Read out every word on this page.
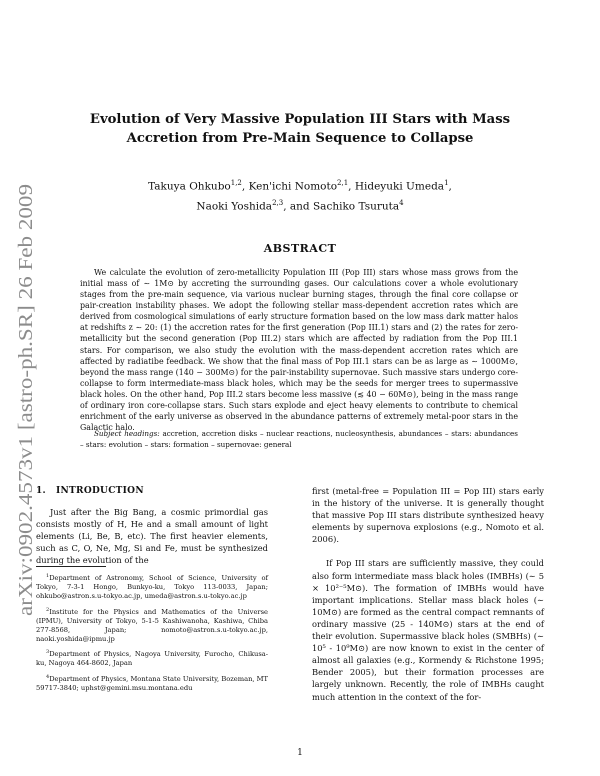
arXiv:0902.4573v1 [astro-ph.SR] 26 Feb 2009
Evolution of Very Massive Population III Stars with Mass
Accretion from Pre-Main Sequence to Collapse
Takuya Ohkubo$^{1,2}$, Ken'ichi Nomoto$^{2,1}$, Hideyuki Umeda$^1$,
Naoki Yoshida$^{2,3}$, and Sachiko Tsuruta$^4$
ABSTRACT

We calculate the evolution of zero-metallicity Population III (Pop III) stars whose mass grows from the initial mass of ∼ 1M⊙ by accreting the surrounding gases. Our calculations cover a whole evolutionary stages from the pre-main sequence, via various nuclear burning stages, through the final core collapse or pair-creation instability phases. We adopt the following stellar mass-dependent accretion rates which are derived from cosmological simulations of early structure formation based on the low mass dark matter halos at redshifts z ∼ 20: (1) the accretion rates for the first generation (Pop III.1) stars and (2) the rates for zero-metallicity but the second generation (Pop III.2) stars which are affected by radiation from the Pop III.1 stars. For comparison, we also study the evolution with the mass-dependent accretion rates which are affected by radiatibe feedback. We show that the final mass of Pop III.1 stars can be as large as ∼ 1000M⊙, beyond the mass range (140 − 300M⊙) for the pair-instability supernovae. Such massive stars undergo core-collapse to form intermediate-mass black holes, which may be the seeds for merger trees to supermassive black holes. On the other hand, Pop III.2 stars become less massive (≲ 40 − 60M⊙), being in the mass range of ordinary iron core-collapse stars. Such stars explode and eject heavy elements to contribute to chemical enrichment of the early universe as observed in the abundance patterns of extremely metal-poor stars in the Galactic halo.

Subject headings: accretion, accretion disks – nuclear reactions, nucleosynthesis, abundances – stars: abundances – stars: evolution – stars: formation – supernovae: general

1. INTRODUCTION

Just after the Big Bang, a cosmic primordial gas consists mostly of H, He and a small amount of light elements (Li, Be, B, etc). The first heavier elements, such as C, O, Ne, Mg, Si and Fe, must be synthesized during the evolution of the

$^1$Department of Astronomy, School of Science, University of Tokyo, 7-3-1 Hongo, Bunkyo-ku, Tokyo 113-0033, Japan; ohkubo@astron.s.u-tokyo.ac.jp, umeda@astron.s.u-tokyo.ac.jp

$^2$Institute for the Physics and Mathematics of the Universe (IPMU), University of Tokyo, 5-1-5 Kashiwanoha, Kashiwa, Chiba 277-8568, Japan; nomoto@astron.s.u-tokyo.ac.jp, naoki.yoshida@ipmu.jp

$^3$Department of Physics, Nagoya University, Furocho, Chikusa-ku, Nagoya 464-8602, Japan

$^4$Department of Physics, Montana State University, Bozeman, MT 59717-3840; uphst@gemini.msu.montana.edu

first (metal-free = Population III = Pop III) stars early in the history of the universe. It is generally thought that massive Pop III stars distribute synthesized heavy elements by supernova explosions (e.g., Nomoto et al. 2006).

If Pop III stars are sufficiently massive, they could also form intermediate mass black holes (IMBHs) (∼ 5 × 10²⁻⁵M⊙). The formation of IMBHs would have important implications. Stellar mass black holes (∼ 10M⊙) are formed as the central compact remnants of ordinary massive (25 - 140M⊙) stars at the end of their evolution. Supermassive black holes (SMBHs) (∼ 10⁵ - 10⁹M⊙) are now known to exist in the center of almost all galaxies (e.g., Kormendy & Richstone 1995; Bender 2005), but their formation processes are largely unknown. Recently, the role of IMBHs caught much attention in the context of the for-

1
